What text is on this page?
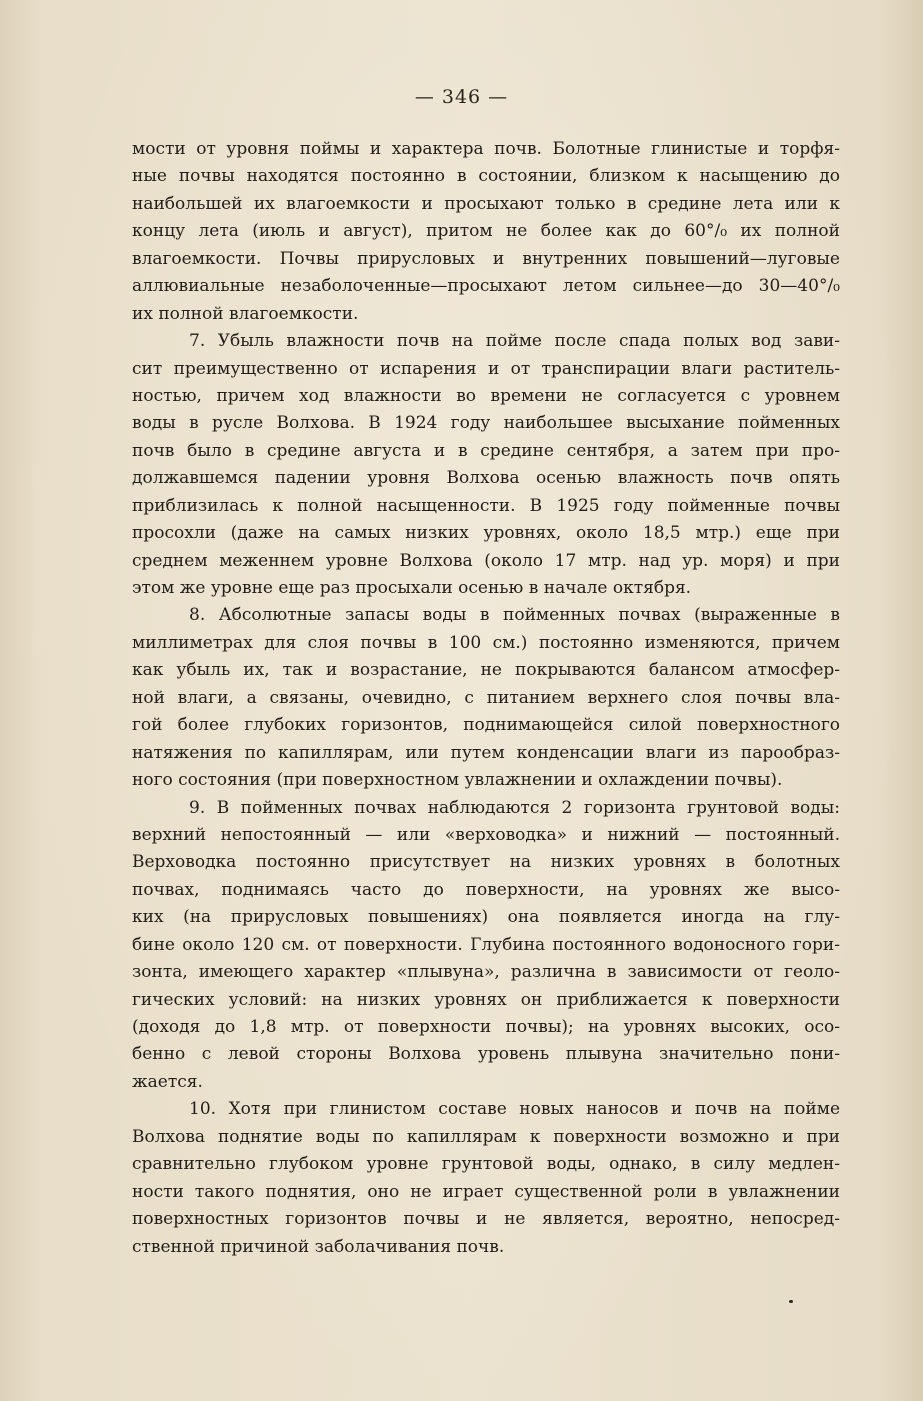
— 346 —
мости от уровня поймы и характера почв. Болотные глинистые и торфя-
ные почвы находятся постоянно в состоянии, близком к насыщению до
наибольшей их влагоемкости и просыхают только в средине лета или к
концу лета (июль и август), притом не более как до 60°/₀ их полной
влагоемкости. Почвы прирусловых и внутренних повышений—луговые
аллювиальные незаболоченные—просыхают летом сильнее—до 30—40°/₀
их полной влагоемкости.
7. Убыль влажности почв на пойме после спада полых вод зави-
сит преимущественно от испарения и от транспирации влаги раститель-
ностью, причем ход влажности во времени не согласуется с уровнем
воды в русле Волхова. В 1924 году наибольшее высыхание пойменных
почв было в средине августа и в средине сентября, а затем при про-
должавшемся падении уровня Волхова осенью влажность почв опять
приблизилась к полной насыщенности. В 1925 году пойменные почвы
просохли (даже на самых низких уровнях, около 18,5 мтр.) еще при
среднем меженнем уровне Волхова (около 17 мтр. над ур. моря) и при
этом же уровне еще раз просыхали осенью в начале октября.
8. Абсолютные запасы воды в пойменных почвах (выраженные в
миллиметрах для слоя почвы в 100 см.) постоянно изменяются, причем
как убыль их, так и возрастание, не покрываются балансом атмосфер-
ной влаги, а связаны, очевидно, с питанием верхнего слоя почвы вла-
гой более глубоких горизонтов, поднимающейся силой поверхностного
натяжения по капиллярам, или путем конденсации влаги из парообраз-
ного состояния (при поверхностном увлажнении и охлаждении почвы).
9. В пойменных почвах наблюдаются 2 горизонта грунтовой воды:
верхний непостоянный — или «верховодка» и нижний — постоянный.
Верховодка постоянно присутствует на низких уровнях в болотных
почвах, поднимаясь часто до поверхности, на уровнях же высо-
ких (на прирусловых повышениях) она появляется иногда на глу-
бине около 120 см. от поверхности. Глубина постоянного водоносного гори-
зонта, имеющего характер «плывуна», различна в зависимости от геоло-
гических условий: на низких уровнях он приближается к поверхности
(доходя до 1,8 мтр. от поверхности почвы); на уровнях высоких, осо-
бенно с левой стороны Волхова уровень плывуна значительно пони-
жается.
10. Хотя при глинистом составе новых наносов и почв на пойме
Волхова поднятие воды по капиллярам к поверхности возможно и при
сравнительно глубоком уровне грунтовой воды, однако, в силу медлен-
ности такого поднятия, оно не играет существенной роли в увлажнении
поверхностных горизонтов почвы и не является, вероятно, непосред-
ственной причиной заболачивания почв.
